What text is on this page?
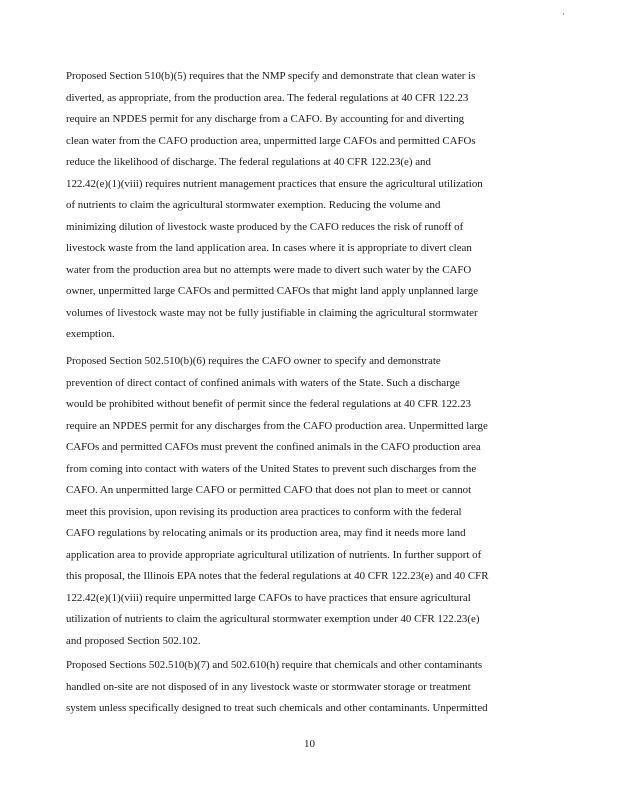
·
Proposed Section 510(b)(5) requires that the NMP specify and demonstrate that clean water is
diverted, as appropriate, from the production area. The federal regulations at 40 CFR 122.23
require an NPDES permit for any discharge from a CAFO. By accounting for and diverting
clean water from the CAFO production area, unpermitted large CAFOs and permitted CAFOs
reduce the likelihood of discharge. The federal regulations at 40 CFR 122.23(e) and
122.42(e)(1)(viii) requires nutrient management practices that ensure the agricultural utilization
of nutrients to claim the agricultural stormwater exemption. Reducing the volume and
minimizing dilution of livestock waste produced by the CAFO reduces the risk of runoff of
livestock waste from the land application area. In cases where it is appropriate to divert clean
water from the production area but no attempts were made to divert such water by the CAFO
owner, unpermitted large CAFOs and permitted CAFOs that might land apply unplanned large
volumes of livestock waste may not be fully justifiable in claiming the agricultural stormwater
exemption.
Proposed Section 502.510(b)(6) requires the CAFO owner to specify and demonstrate
prevention of direct contact of confined animals with waters of the State. Such a discharge
would be prohibited without benefit of permit since the federal regulations at 40 CFR 122.23
require an NPDES permit for any discharges from the CAFO production area. Unpermitted large
CAFOs and permitted CAFOs must prevent the confined animals in the CAFO production area
from coming into contact with waters of the United States to prevent such discharges from the
CAFO. An unpermitted large CAFO or permitted CAFO that does not plan to meet or cannot
meet this provision, upon revising its production area practices to conform with the federal
CAFO regulations by relocating animals or its production area, may find it needs more land
application area to provide appropriate agricultural utilization of nutrients. In further support of
this proposal, the Illinois EPA notes that the federal regulations at 40 CFR 122.23(e) and 40 CFR
122.42(e)(1)(viii) require unpermitted large CAFOs to have practices that ensure agricultural
utilization of nutrients to claim the agricultural stormwater exemption under 40 CFR 122.23(e)
and proposed Section 502.102.
Proposed Sections 502.510(b)(7) and 502.610(h) require that chemicals and other contaminants
handled on-site are not disposed of in any livestock waste or stormwater storage or treatment
system unless specifically designed to treat such chemicals and other contaminants. Unpermitted
10
